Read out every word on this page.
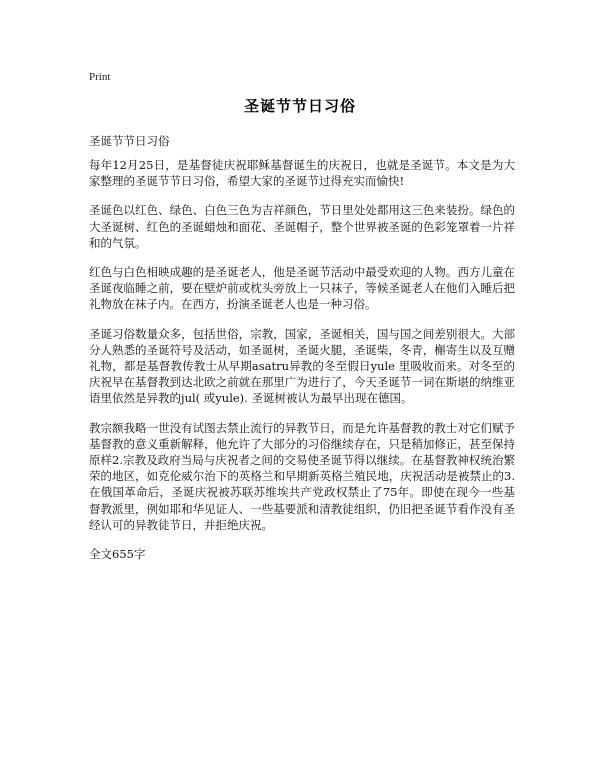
Print
圣诞节节日习俗
圣诞节节日习俗

每年12月25日，是基督徒庆祝耶稣基督诞生的庆祝日，也就是圣诞节。本文是为大家整理的圣诞节节日习俗，希望大家的圣诞节过得充实而愉快!

圣诞色以红色、绿色、白色三色为吉祥颜色，节日里处处都用这三色来装扮。绿色的大圣诞树、红色的圣诞蜡烛和面花、圣诞帽子，整个世界被圣诞的色彩笼罩着一片祥和的气氛。

红色与白色相映成趣的是圣诞老人，他是圣诞节活动中最受欢迎的人物。西方儿童在圣诞夜临睡之前，要在壁炉前或枕头旁放上一只袜子，等候圣诞老人在他们入睡后把礼物放在袜子内。在西方，扮演圣诞老人也是一种习俗。

圣诞习俗数量众多，包括世俗，宗教，国家，圣诞相关，国与国之间差别很大。大部分人熟悉的圣诞符号及活动，如圣诞树，圣诞火腿，圣诞柴，冬青，槲寄生以及互赠礼物，都是基督教传教士从早期asatru异教的冬至假日yule 里吸收而来。对冬至的庆祝早在基督教到达北欧之前就在那里广为进行了，今天圣诞节一词在斯堪的纳维亚语里依然是异教的jul( 或yule). 圣诞树被认为最早出现在德国。

教宗额我略一世没有试图去禁止流行的异教节日，而是允许基督教的教士对它们赋予基督教的意义重新解释，他允许了大部分的习俗继续存在，只是稍加修正，甚至保持原样2.宗教及政府当局与庆祝者之间的交易使圣诞节得以继续。在基督教神权统治繁荣的地区，如克伦威尔治下的英格兰和早期新英格兰殖民地，庆祝活动是被禁止的3.在俄国革命后，圣诞庆祝被苏联苏维埃共产党政权禁止了75年。即使在现今一些基督教派里，例如耶和华见证人、一些基要派和清教徒组织，仍旧把圣诞节看作没有圣经认可的异教徒节日，并拒绝庆祝。

全文655字
